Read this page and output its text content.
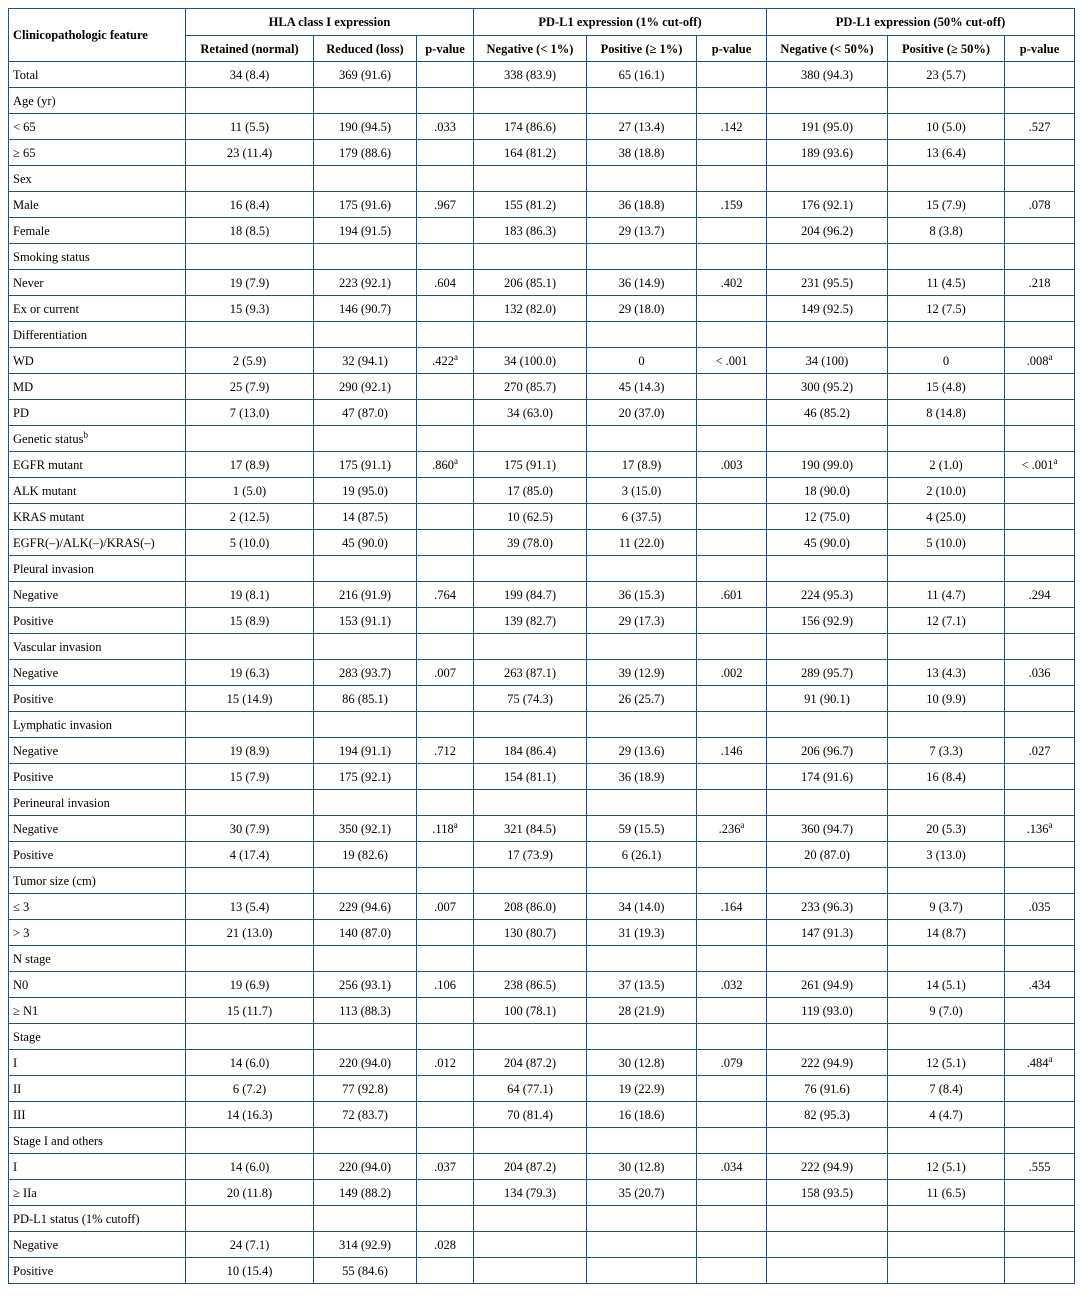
Clinicopathologic feature	HLA class I expression			PD-L1 expression (1% cut-off)			PD-L1 expression (50% cut-off)		
	Retained (normal)	Reduced (loss)	p-value	Negative (< 1%)	Positive (≥ 1%)	p-value	Negative (< 50%)	Positive (≥ 50%)	p-value
Total	34 (8.4)	369 (91.6)		338 (83.9)	65 (16.1)		380 (94.3)	23 (5.7)	
Age (yr)									
< 65	11 (5.5)	190 (94.5)	.033	174 (86.6)	27 (13.4)	.142	191 (95.0)	10 (5.0)	.527
≥ 65	23 (11.4)	179 (88.6)		164 (81.2)	38 (18.8)		189 (93.6)	13 (6.4)	
Sex									
Male	16 (8.4)	175 (91.6)	.967	155 (81.2)	36 (18.8)	.159	176 (92.1)	15 (7.9)	.078
Female	18 (8.5)	194 (91.5)		183 (86.3)	29 (13.7)		204 (96.2)	8 (3.8)	
Smoking status									
Never	19 (7.9)	223 (92.1)	.604	206 (85.1)	36 (14.9)	.402	231 (95.5)	11 (4.5)	.218
Ex or current	15 (9.3)	146 (90.7)		132 (82.0)	29 (18.0)		149 (92.5)	12 (7.5)	
Differentiation									
WD	2 (5.9)	32 (94.1)	.422$^a$	34 (100.0)	0	< .001	34 (100)	0	.008$^a$
MD	25 (7.9)	290 (92.1)		270 (85.7)	45 (14.3)		300 (95.2)	15 (4.8)	
PD	7 (13.0)	47 (87.0)		34 (63.0)	20 (37.0)		46 (85.2)	8 (14.8)	
Genetic status$^b$									
EGFR mutant	17 (8.9)	175 (91.1)	.860$^a$	175 (91.1)	17 (8.9)	.003	190 (99.0)	2 (1.0)	< .001$^a$
ALK mutant	1 (5.0)	19 (95.0)		17 (85.0)	3 (15.0)		18 (90.0)	2 (10.0)	
KRAS mutant	2 (12.5)	14 (87.5)		10 (62.5)	6 (37.5)		12 (75.0)	4 (25.0)	
EGFR(–)/ALK(–)/KRAS(–)	5 (10.0)	45 (90.0)		39 (78.0)	11 (22.0)		45 (90.0)	5 (10.0)	
Pleural invasion									
Negative	19 (8.1)	216 (91.9)	.764	199 (84.7)	36 (15.3)	.601	224 (95.3)	11 (4.7)	.294
Positive	15 (8.9)	153 (91.1)		139 (82.7)	29 (17.3)		156 (92.9)	12 (7.1)	
Vascular invasion									
Negative	19 (6.3)	283 (93.7)	.007	263 (87.1)	39 (12.9)	.002	289 (95.7)	13 (4.3)	.036
Positive	15 (14.9)	86 (85.1)		75 (74.3)	26 (25.7)		91 (90.1)	10 (9.9)	
Lymphatic invasion									
Negative	19 (8.9)	194 (91.1)	.712	184 (86.4)	29 (13.6)	.146	206 (96.7)	7 (3.3)	.027
Positive	15 (7.9)	175 (92.1)		154 (81.1)	36 (18.9)		174 (91.6)	16 (8.4)	
Perineural invasion									
Negative	30 (7.9)	350 (92.1)	.118$^a$	321 (84.5)	59 (15.5)	.236$^a$	360 (94.7)	20 (5.3)	.136$^a$
Positive	4 (17.4)	19 (82.6)		17 (73.9)	6 (26.1)		20 (87.0)	3 (13.0)	
Tumor size (cm)									
≤ 3	13 (5.4)	229 (94.6)	.007	208 (86.0)	34 (14.0)	.164	233 (96.3)	9 (3.7)	.035
> 3	21 (13.0)	140 (87.0)		130 (80.7)	31 (19.3)		147 (91.3)	14 (8.7)	
N stage									
N0	19 (6.9)	256 (93.1)	.106	238 (86.5)	37 (13.5)	.032	261 (94.9)	14 (5.1)	.434
≥ N1	15 (11.7)	113 (88.3)		100 (78.1)	28 (21.9)		119 (93.0)	9 (7.0)	
Stage									
I	14 (6.0)	220 (94.0)	.012	204 (87.2)	30 (12.8)	.079	222 (94.9)	12 (5.1)	.484$^a$
II	6 (7.2)	77 (92.8)		64 (77.1)	19 (22.9)		76 (91.6)	7 (8.4)	
III	14 (16.3)	72 (83.7)		70 (81.4)	16 (18.6)		82 (95.3)	4 (4.7)	
Stage I and others									
I	14 (6.0)	220 (94.0)	.037	204 (87.2)	30 (12.8)	.034	222 (94.9)	12 (5.1)	.555
≥ IIa	20 (11.8)	149 (88.2)		134 (79.3)	35 (20.7)		158 (93.5)	11 (6.5)	
PD-L1 status (1% cutoff)									
Negative	24 (7.1)	314 (92.9)	.028						
Positive	10 (15.4)	55 (84.6)							
